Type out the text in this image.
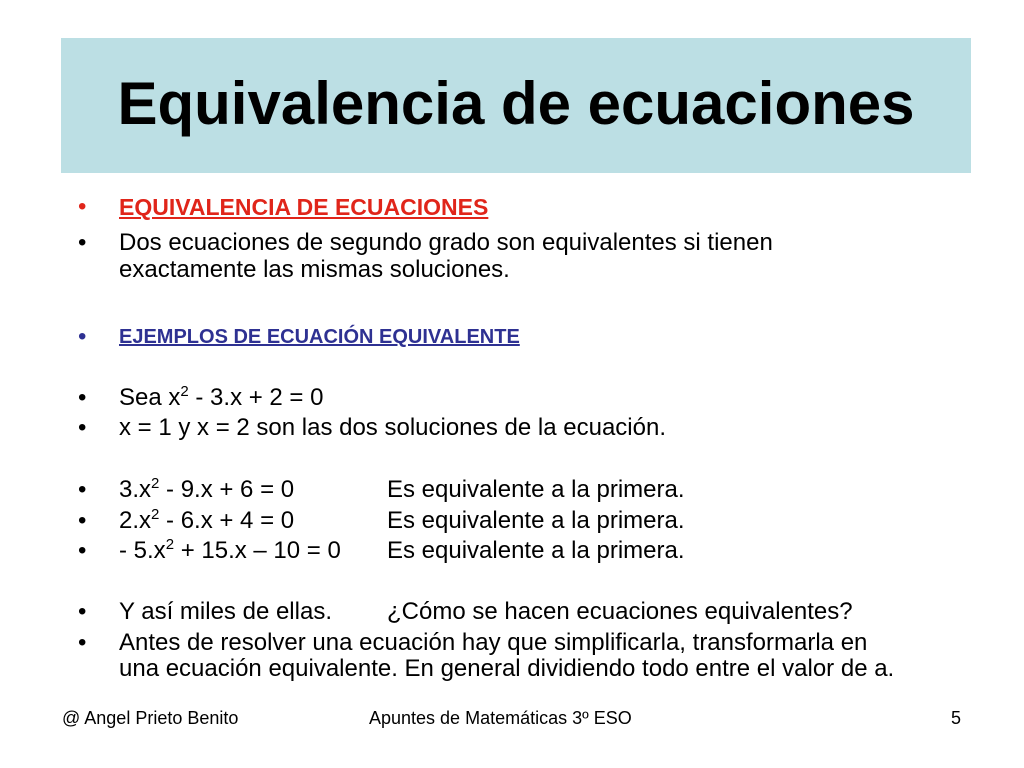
Equivalencia de ecuaciones
• EQUIVALENCIA DE ECUACIONES
• Dos ecuaciones de segundo grado son equivalentes si tienen
exactamente las mismas soluciones.
• EJEMPLOS DE ECUACIÓN EQUIVALENTE
• Sea $x^2 - 3.x + 2 = 0$
• x = 1 y x = 2 son las dos soluciones de la ecuación.
• $3.x^2 - 9.x + 6 = 0$	Es equivalente a la primera.
• $2.x^2 - 6.x + 4 = 0$	Es equivalente a la primera.
• - $5.x^2 + 15.x - 10 = 0$ Es equivalente a la primera.
• Y así miles de ellas. ¿Cómo se hacen ecuaciones equivalentes?
• Antes de resolver una ecuación hay que simplificarla, transformarla en
una ecuación equivalente. En general dividiendo todo entre el valor de a.
@ Angel Prieto Benito	Apuntes de Matemáticas 3º ESO	5
